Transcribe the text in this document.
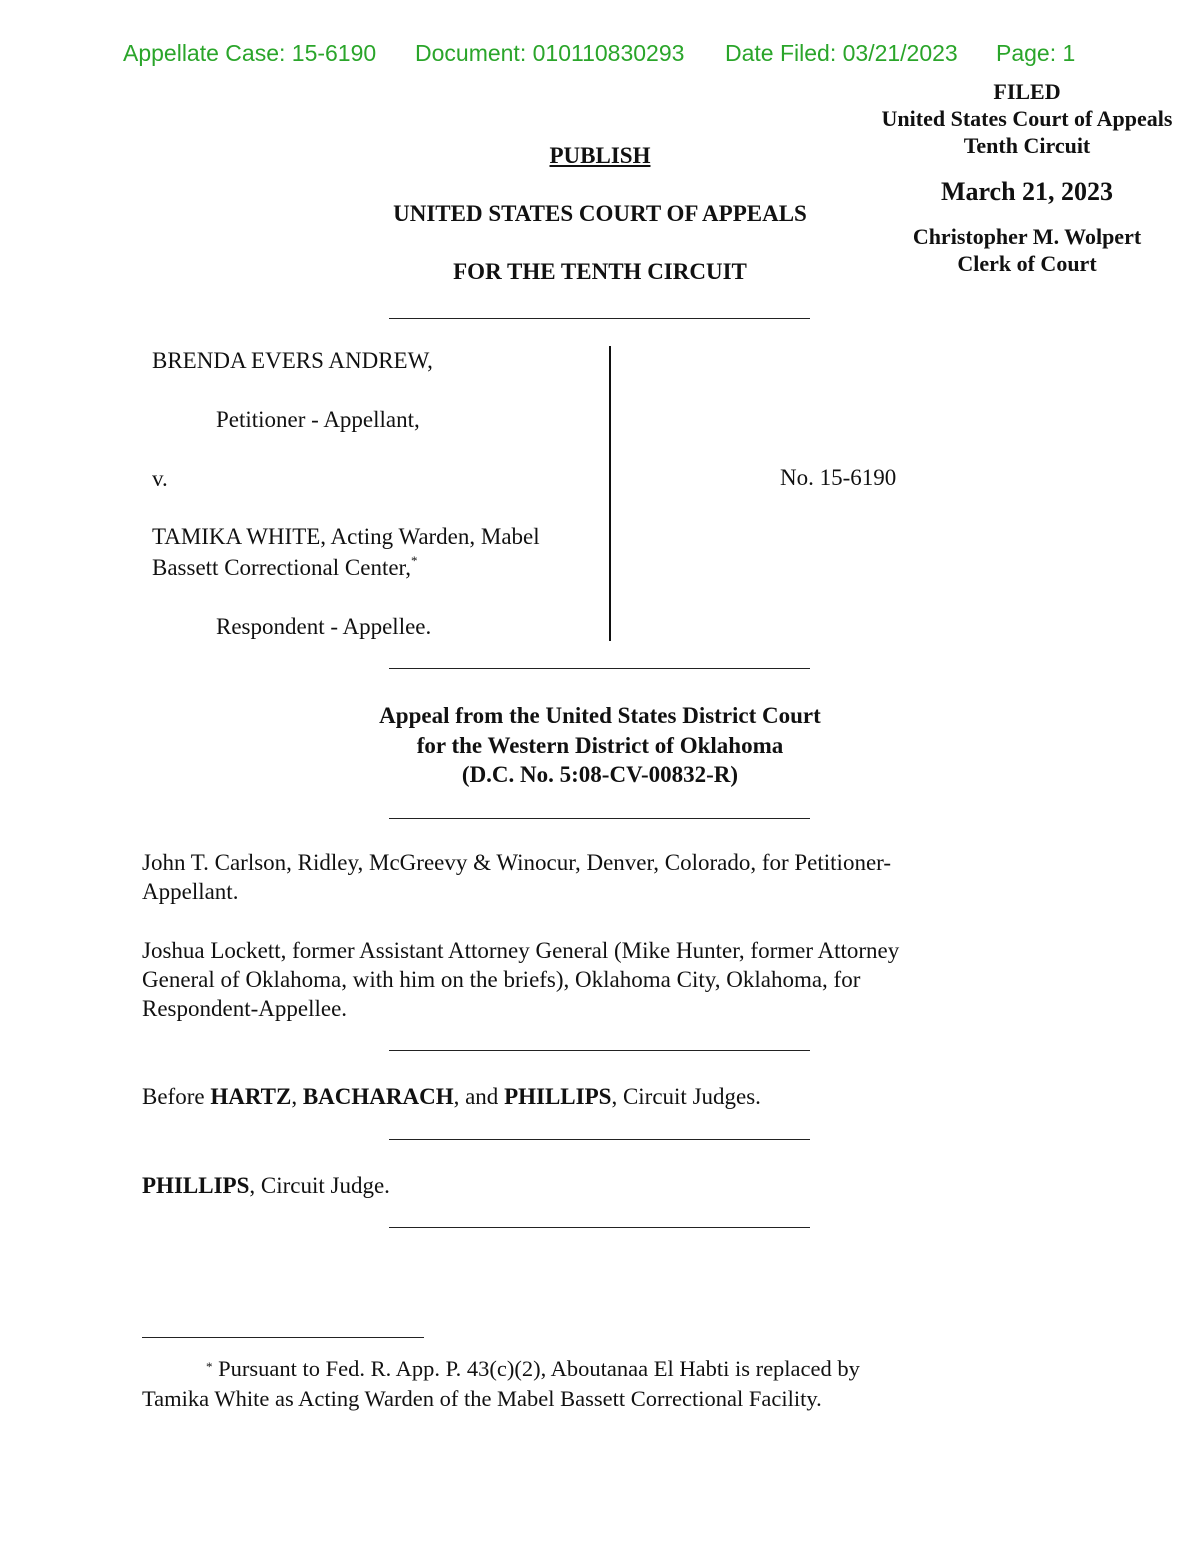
Appellate Case: 15-6190 Document: 010110830293 Date Filed: 03/21/2023 Page: 1
FILED
United States Court of Appeals
Tenth Circuit
March 21, 2023
Christopher M. Wolpert
Clerk of Court
PUBLISH
UNITED STATES COURT OF APPEALS
FOR THE TENTH CIRCUIT
BRENDA EVERS ANDREW,
Petitioner - Appellant,
v.
TAMIKA WHITE, Acting Warden, Mabel
Bassett Correctional Center,*
Respondent - Appellee.
No. 15-6190
Appeal from the United States District Court
for the Western District of Oklahoma
(D.C. No. 5:08-CV-00832-R)
John T. Carlson, Ridley, McGreevy & Winocur, Denver, Colorado, for Petitioner-
Appellant.
Joshua Lockett, former Assistant Attorney General (Mike Hunter, former Attorney
General of Oklahoma, with him on the briefs), Oklahoma City, Oklahoma, for
Respondent-Appellee.
Before HARTZ, BACHARACH, and PHILLIPS, Circuit Judges.
PHILLIPS, Circuit Judge.
* Pursuant to Fed. R. App. P. 43(c)(2), Aboutanaa El Habti is replaced by
Tamika White as Acting Warden of the Mabel Bassett Correctional Facility.
